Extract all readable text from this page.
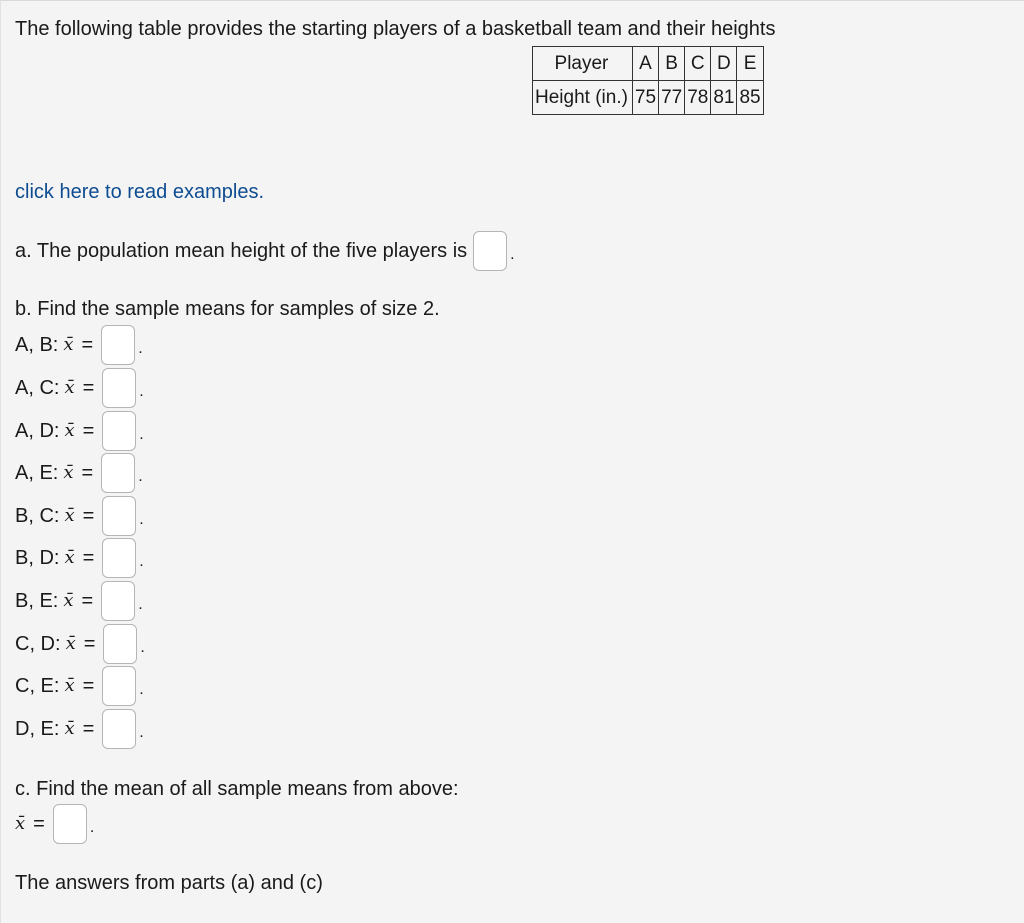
The following table provides the starting players of a basketball team and their heights
Player	A	B	C	D	E
Height (in.)	75	77	78	81	85
click here to read examples.
a. The population mean height of the five players is	.
b. Find the sample means for samples of size 2.
A, B: x̄ =	.
A, C: x̄ =	.
A, D: x̄ =	.
A, E: x̄ =	.
B, C: x̄ =	.
B, D: x̄ =	.
B, E: x̄ =	.
C, D: x̄ =	.
C, E: x̄ =	.
D, E: x̄ =	.
c. Find the mean of all sample means from above:
x̄ =	.
The answers from parts (a) and (c)
